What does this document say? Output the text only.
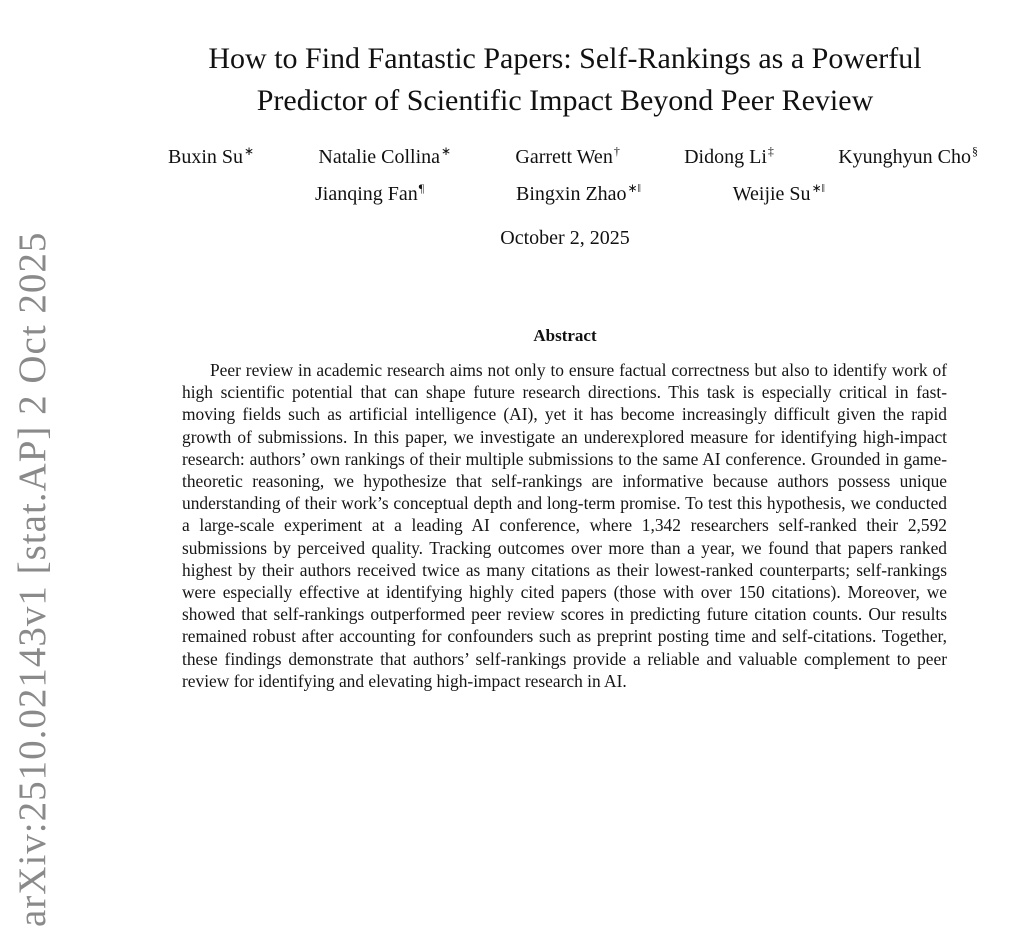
arXiv:2510.02143v1 [stat.AP] 2 Oct 2025
How to Find Fantastic Papers: Self-Rankings as a Powerful Predictor of Scientific Impact Beyond Peer Review
Buxin Su∗	Natalie Collina∗	Garrett Wen†	Didong Li‡	Kyunghyun Cho§
Jianqing Fan¶	Bingxin Zhao∗‖	Weijie Su∗‖
October 2, 2025
Abstract
Peer review in academic research aims not only to ensure factual correctness but also to identify work of high scientific potential that can shape future research directions. This task is especially critical in fast-moving fields such as artificial intelligence (AI), yet it has become increasingly difficult given the rapid growth of submissions. In this paper, we investigate an underexplored measure for identifying high-impact research: authors’ own rankings of their multiple submissions to the same AI conference. Grounded in game-theoretic reasoning, we hypothesize that self-rankings are informative because authors possess unique understanding of their work’s conceptual depth and long-term promise. To test this hypothesis, we conducted a large-scale experiment at a leading AI conference, where 1,342 researchers self-ranked their 2,592 submissions by perceived quality. Tracking outcomes over more than a year, we found that papers ranked highest by their authors received twice as many citations as their lowest-ranked counterparts; self-rankings were especially effective at identifying highly cited papers (those with over 150 citations). Moreover, we showed that self-rankings outperformed peer review scores in predicting future citation counts. Our results remained robust after accounting for confounders such as preprint posting time and self-citations. Together, these findings demonstrate that authors’ self-rankings provide a reliable and valuable complement to peer review for identifying and elevating high-impact research in AI.
